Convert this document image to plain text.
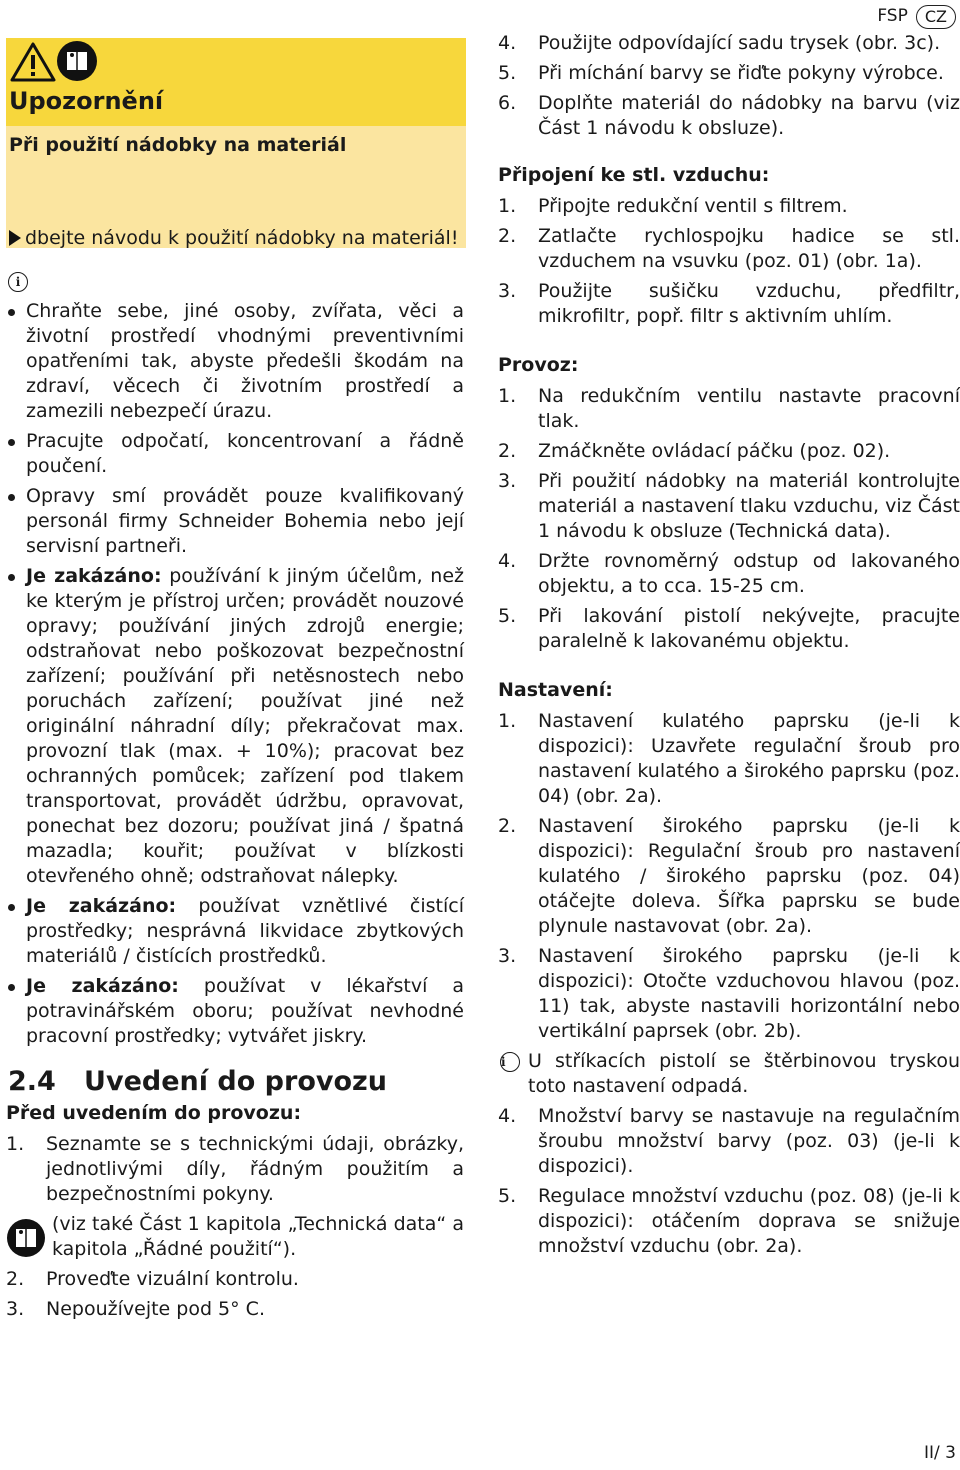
FSP	CZ
Upozornění
Při použití nádobky na materiál
dbejte návodu k použití nádobky na materiál!
i

Chraňte sebe, jiné osoby, zvířata, věci a životní prostředí vhodnými preventivními opatřeními tak, abyste předešli škodám na zdraví, věcech či životním prostředí a zamezili nebezpečí úrazu.

Pracujte odpočatí, koncentrovaní a řádně poučení.

Opravy smí provádět pouze kvalifikovaný personál firmy Schneider Bohemia nebo její servisní partneři.

Je zakázáno: používání k jiným účelům, než ke kterým je přístroj určen; provádět nouzové opravy; používání jiných zdrojů energie; odstraňovat nebo poškozovat bezpečnostní zařízení; používání při netěsnostech nebo poruchách zařízení; používat jiné než originální náhradní díly; překračovat max. provozní tlak (max. + 10%); pracovat bez ochranných pomůcek; zařízení pod tlakem transportovat, provádět údržbu, opravovat, ponechat bez dozoru; používat jiná / špatná mazadla; kouřit; používat v blízkosti otevřeného ohně; odstraňovat nálepky.

Je zakázáno: používat vznětlivé čistící prostředky; nesprávná likvidace zbytkových materiálů / čistících prostředků.

Je zakázáno: používat v lékařství a potravinářském oboru; používat nevhodné pracovní prostředky; vytvářet jiskry.

2.4 Uvedení do provozu

Před uvedením do provozu:

1. Seznamte se s technickými údaji, obrázky, jednotlivými díly, řádným použitím a bezpečnostními pokyny.

(viz také Část 1 kapitola „Technická data“ a kapitola „Řádné použití“).

2. Proveďte vizuální kontrolu.

3. Nepoužívejte pod 5° C.

4. Použijte odpovídající sadu trysek (obr. 3c).

5. Při míchání barvy se řiďte pokyny výrobce.

6. Doplňte materiál do nádobky na barvu (viz Část 1 návodu k obsluze).

Připojení ke stl. vzduchu:

1. Připojte redukční ventil s filtrem.

2. Zatlačte rychlospojku hadice se stl. vzduchem na vsuvku (poz. 01) (obr. 1a).

3. Použijte sušičku vzduchu, předfiltr, mikrofiltr, popř. filtr s aktivním uhlím.

Provoz:

1. Na redukčním ventilu nastavte pracovní tlak.

2. Zmáčkněte ovládací páčku (poz. 02).

3. Při použití nádobky na materiál kontrolujte materiál a nastavení tlaku vzduchu, viz Část 1 návodu k obsluze (Technická data).

4. Držte rovnoměrný odstup od lakovaného objektu, a to cca. 15-25 cm.

5. Při lakování pistolí nekývejte, pracujte paralelně k lakovanému objektu.

Nastavení:

1. Nastavení kulatého paprsku (je-li k dispozici): Uzavřete regulační šroub pro nastavení kulatého a širokého paprsku (poz. 04) (obr. 2a).

2. Nastavení širokého paprsku (je-li k dispozici): Regulační šroub pro nastavení kulatého / širokého paprsku (poz. 04) otáčejte doleva. Šířka paprsku se bude plynule nastavovat (obr. 2a).

3. Nastavení širokého paprsku (je-li k dispozici): Otočte vzduchovou hlavou (poz. 11) tak, abyste nastavili horizontální nebo vertikální paprsek (obr. 2b).

i	U stříkacích pistolí se štěrbinovou tryskou toto nastavení odpadá.

4. Množství barvy se nastavuje na regulačním šroubu množství barvy (poz. 03) (je-li k dispozici).

5. Regulace množství vzduchu (poz. 08) (je-li k dispozici): otáčením doprava se snižuje množství vzduchu (obr. 2a).

II/ 3
